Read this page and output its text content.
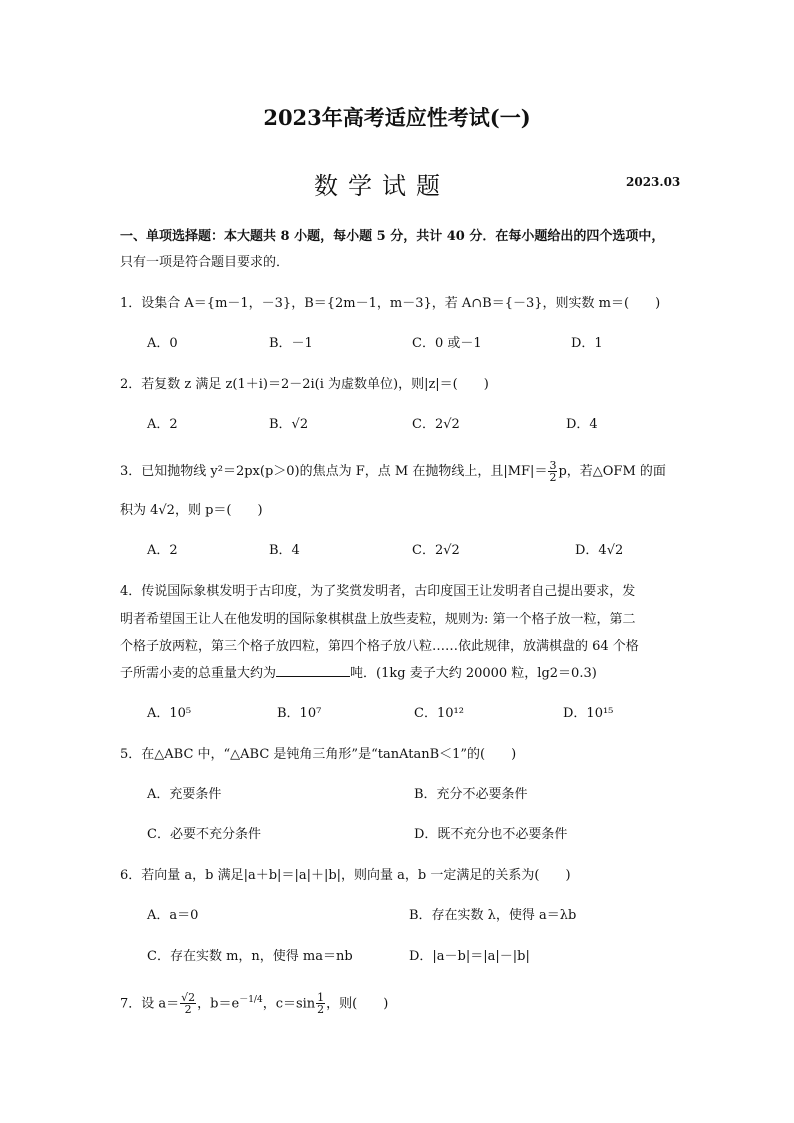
2023年高考适应性考试(一)
数学试题	2023.03
一、单项选择题：本大题共 8 小题，每小题 5 分，共计 40 分．在每小题给出的四个选项中，
只有一项是符合题目要求的．
1．设集合 A＝{m－1，－3}，B＝{2m－1，m－3}，若 A∩B＝{－3}，则实数 m＝(　　)
A．0	B．－1	C．0 或－1	D．1
2．若复数 z 满足 z(1＋i)＝2－2i(i 为虚数单位)，则|z|＝(　　)
A．2	B．√2	C．2√2	D．4
3．已知抛物线 y²＝2px(p＞0)的焦点为 F，点 M 在抛物线上，且$|MF|= \frac{3}{2}$ p，若△OFM 的面
积为 4√2，则 p＝(　　)
A．2	B．4	C．2√2	D．4√2
4．传说国际象棋发明于古印度，为了奖赏发明者，古印度国王让发明者自己提出要求，发
明者希望国王让人在他发明的国际象棋棋盘上放些麦粒，规则为: 第一个格子放一粒，第二
个格子放两粒，第三个格子放四粒，第四个格子放八粒……依此规律，放满棋盘的 64 个格
子所需小麦的总重量大约为	吨．(1kg 麦子大约 20000 粒，lg2＝0.3)
A．10⁵	B．10⁷	C．10¹²	D．10¹⁵
5．在△ABC 中，“△ABC 是钝角三角形”是“tanAtanB＜1”的(　　)
A．充要条件	B．充分不必要条件
C．必要不充分条件	D．既不充分也不必要条件
6．若向量 a，b 满足|a＋b|＝|a|＋|b|，则向量 a，b 一定满足的关系为(　　)
A．a＝0	B．存在实数 λ，使得 a＝λb
C．存在实数 m，n，使得 ma＝nb	D．|a－b|＝|a|－|b|
7．设 $a= \frac{√2}{2}$ ，$b=e^{-1/4}$，$c=\sin \frac{1}{2}$ ，则(　　)
